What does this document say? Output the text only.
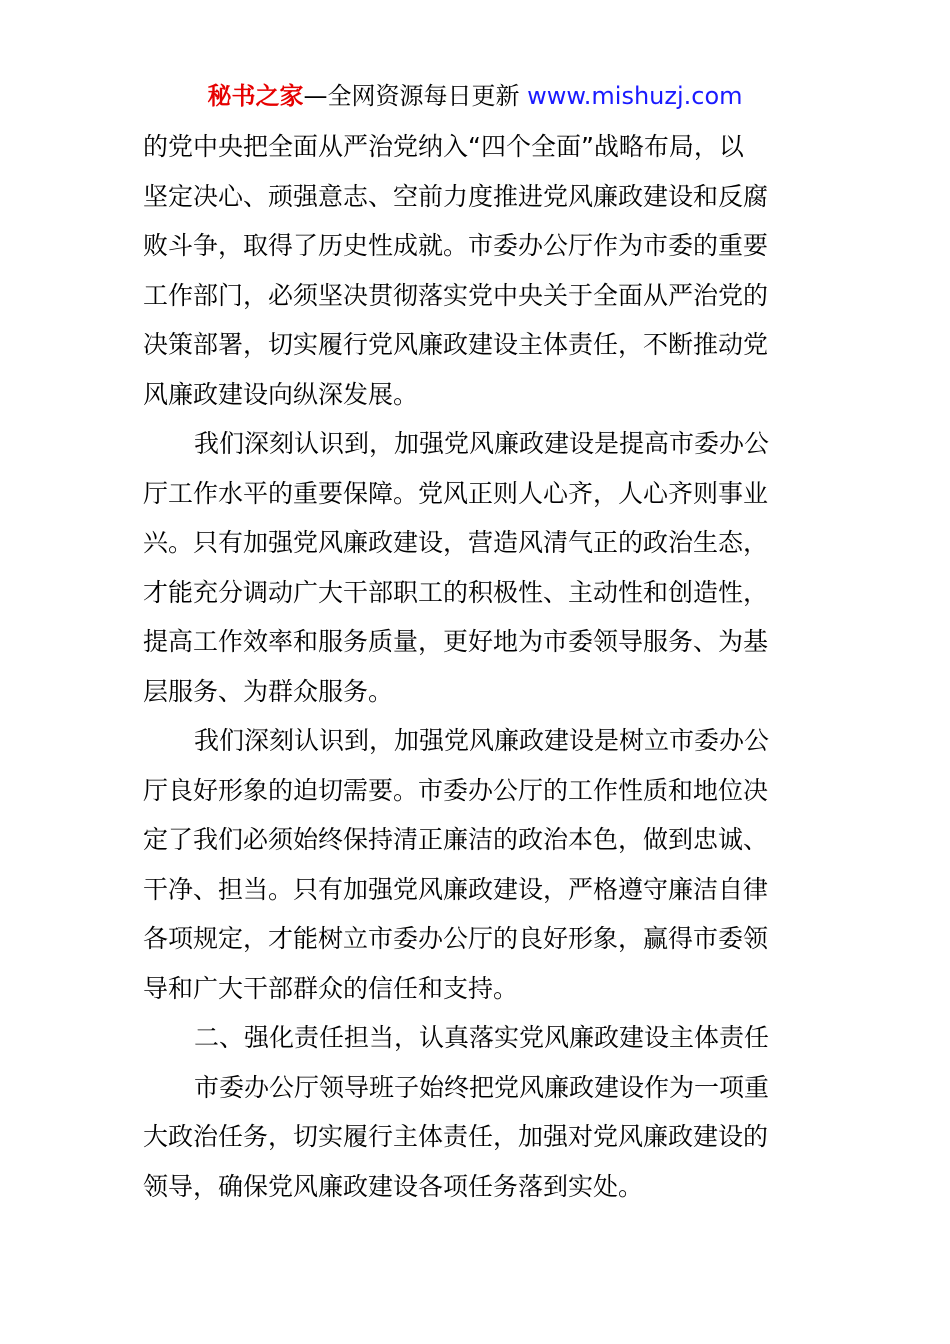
秘书之家—全网资源每日更新 www.mishuzj.com
的党中央把全面从严治党纳入“四个全面”战略布局，以
坚定决心、顽强意志、空前力度推进党风廉政建设和反腐
败斗争，取得了历史性成就。市委办公厅作为市委的重要
工作部门，必须坚决贯彻落实党中央关于全面从严治党的
决策部署，切实履行党风廉政建设主体责任，不断推动党
风廉政建设向纵深发展。
我们深刻认识到，加强党风廉政建设是提高市委办公
厅工作水平的重要保障。党风正则人心齐，人心齐则事业
兴。只有加强党风廉政建设，营造风清气正的政治生态，
才能充分调动广大干部职工的积极性、主动性和创造性，
提高工作效率和服务质量，更好地为市委领导服务、为基
层服务、为群众服务。
我们深刻认识到，加强党风廉政建设是树立市委办公
厅良好形象的迫切需要。市委办公厅的工作性质和地位决
定了我们必须始终保持清正廉洁的政治本色，做到忠诚、
干净、担当。只有加强党风廉政建设，严格遵守廉洁自律
各项规定，才能树立市委办公厅的良好形象，赢得市委领
导和广大干部群众的信任和支持。
二、强化责任担当，认真落实党风廉政建设主体责任
市委办公厅领导班子始终把党风廉政建设作为一项重
大政治任务，切实履行主体责任，加强对党风廉政建设的
领导，确保党风廉政建设各项任务落到实处。
